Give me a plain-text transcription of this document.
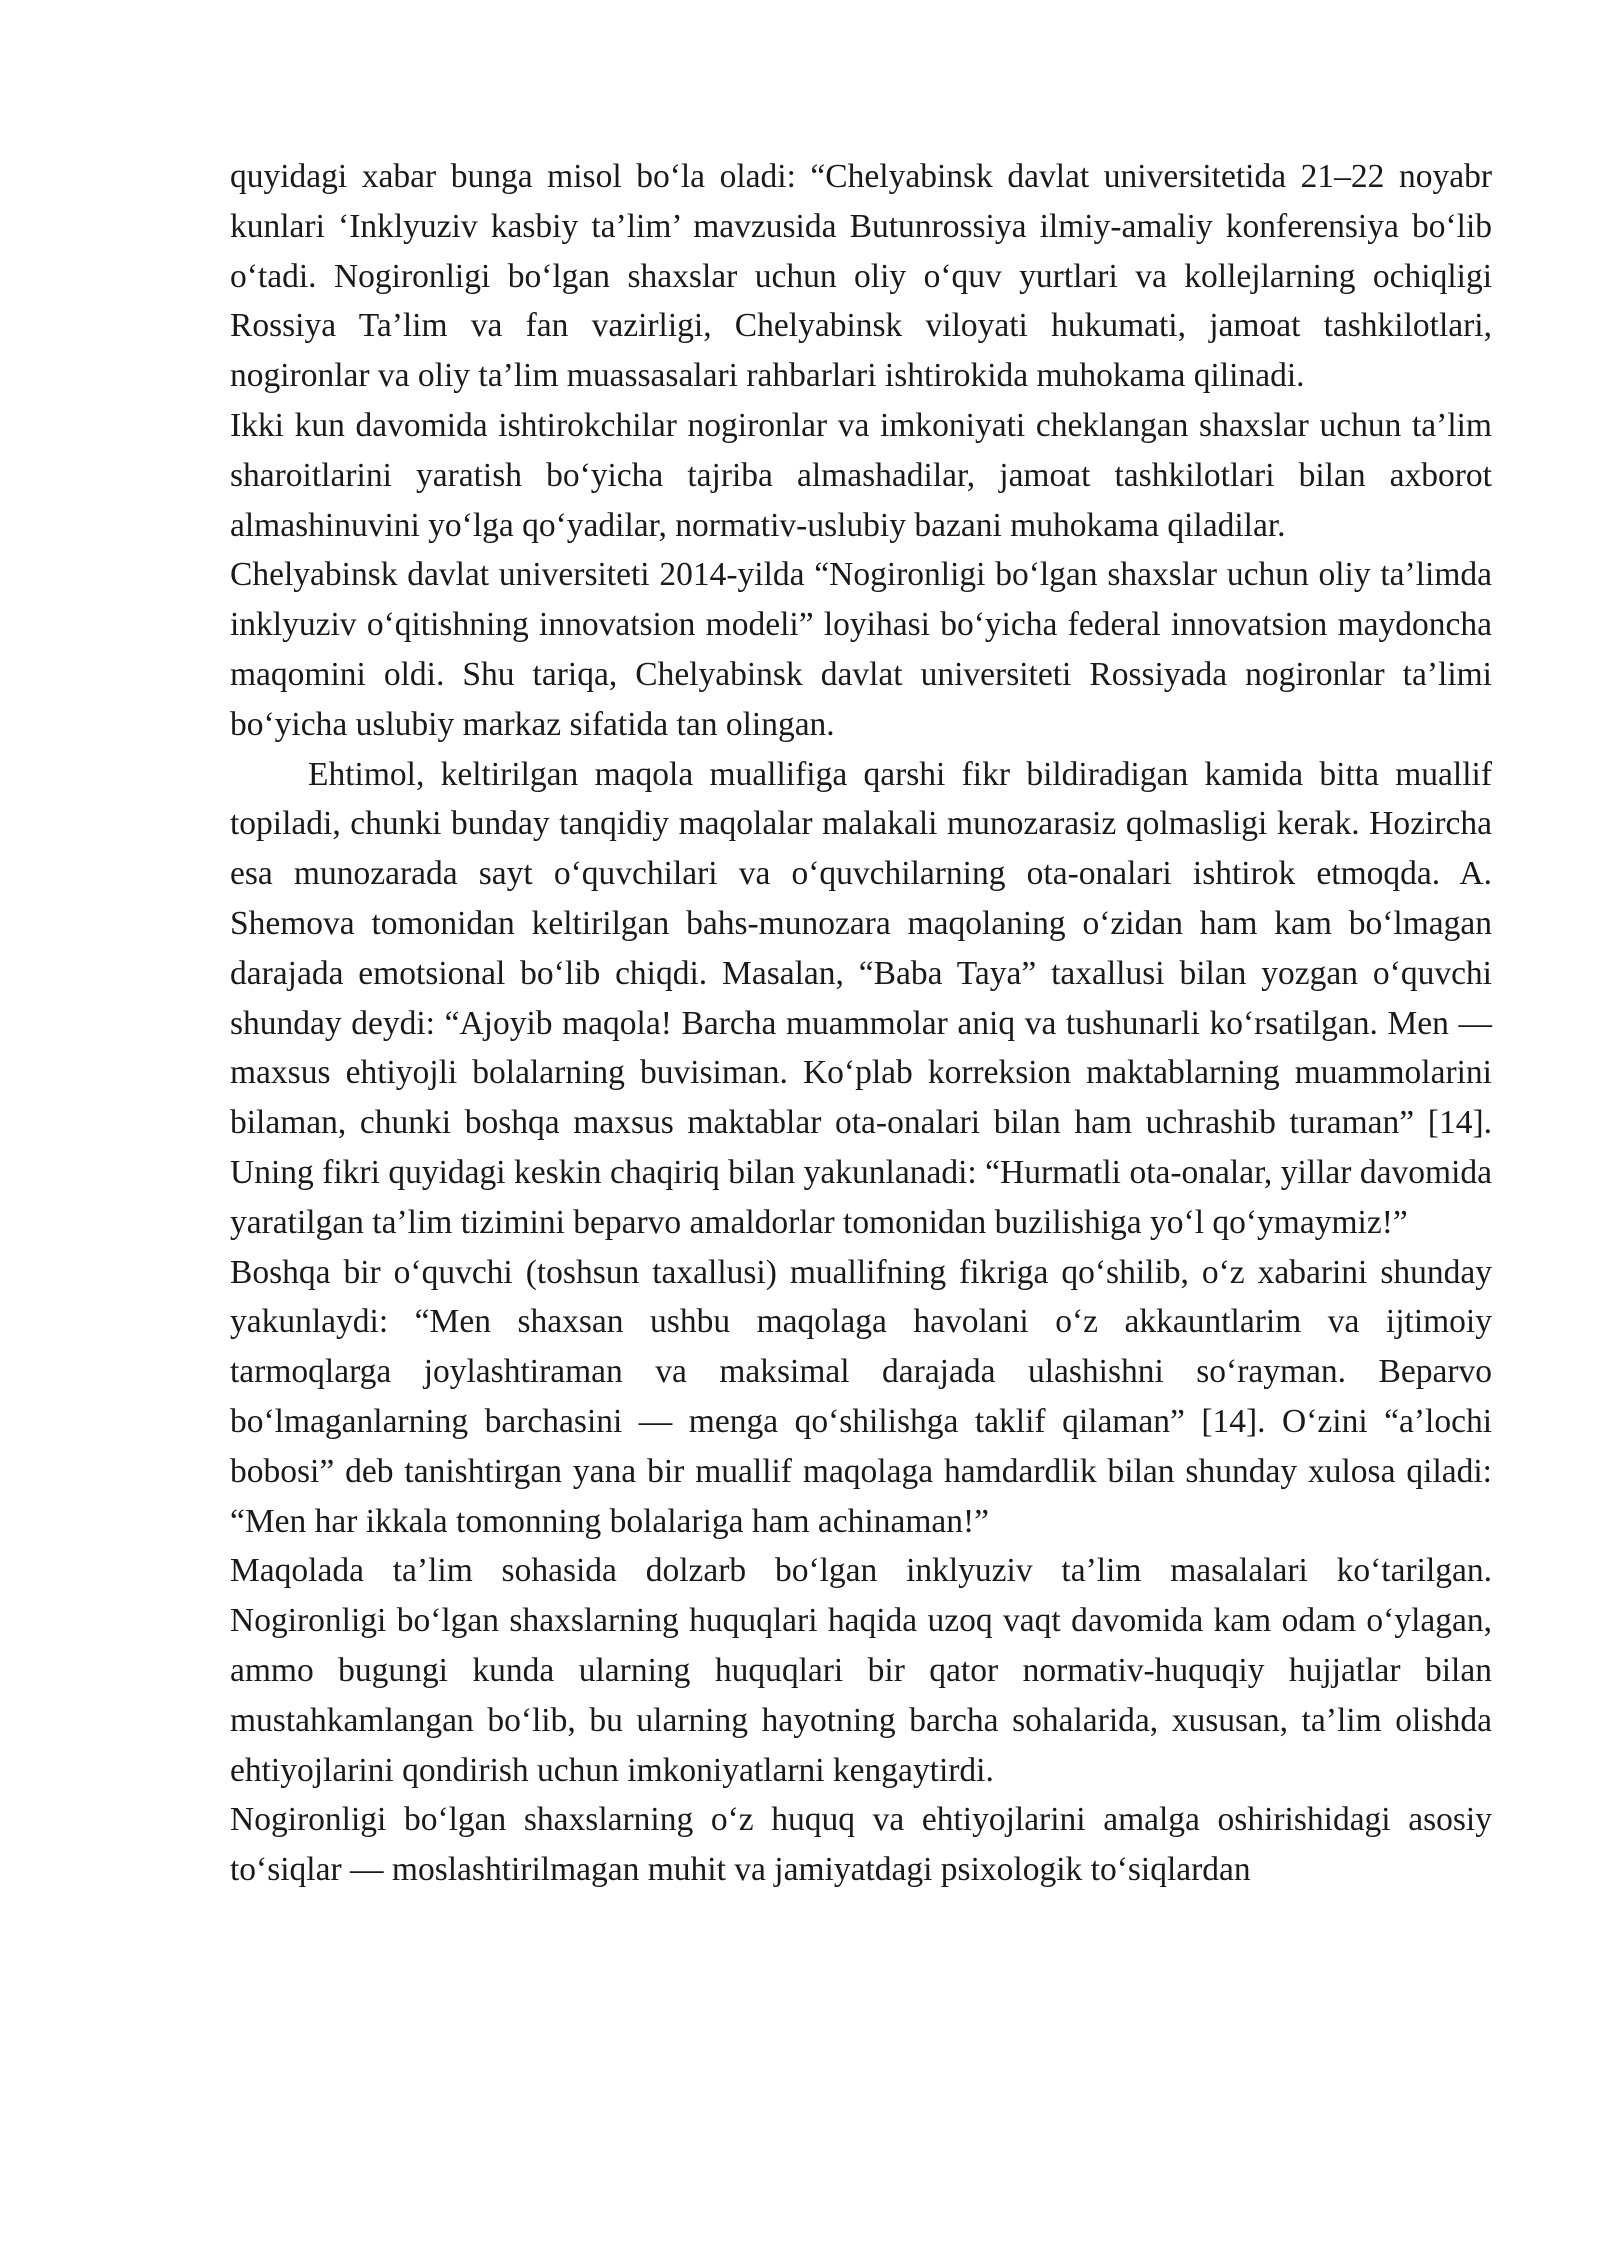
quyidagi xabar bunga misol bo‘la oladi: “Chelyabinsk davlat universitetida 21–22 noyabr kunlari ‘Inklyuziv kasbiy ta’lim’ mavzusida Butunrossiya ilmiy-amaliy konferensiya bo‘lib o‘tadi. Nogironligi bo‘lgan shaxslar uchun oliy o‘quv yurtlari va kollejlarning ochiqligi Rossiya Ta’lim va fan vazirligi, Chelyabinsk viloyati hukumati, jamoat tashkilotlari, nogironlar va oliy ta’lim muassasalari rahbarlari ishtirokida muhokama qilinadi.

Ikki kun davomida ishtirokchilar nogironlar va imkoniyati cheklangan shaxslar uchun ta’lim sharoitlarini yaratish bo‘yicha tajriba almashadilar, jamoat tashkilotlari bilan axborot almashinuvini yo‘lga qo‘yadilar, normativ-uslubiy bazani muhokama qiladilar.

Chelyabinsk davlat universiteti 2014-yilda “Nogironligi bo‘lgan shaxslar uchun oliy ta’limda inklyuziv o‘qitishning innovatsion modeli” loyihasi bo‘yicha federal innovatsion maydoncha maqomini oldi. Shu tariqa, Chelyabinsk davlat universiteti Rossiyada nogironlar ta’limi bo‘yicha uslubiy markaz sifatida tan olingan.

Ehtimol, keltirilgan maqola muallifiga qarshi fikr bildiradigan kamida bitta muallif topiladi, chunki bunday tanqidiy maqolalar malakali munozarasiz qolmasligi kerak. Hozircha esa munozarada sayt o‘quvchilari va o‘quvchilarning ota-onalari ishtirok etmoqda. A. Shemova tomonidan keltirilgan bahs-munozara maqolaning o‘zidan ham kam bo‘lmagan darajada emotsional bo‘lib chiqdi. Masalan, “Baba Taya” taxallusi bilan yozgan o‘quvchi shunday deydi: “Ajoyib maqola! Barcha muammolar aniq va tushunarli ko‘rsatilgan. Men — maxsus ehtiyojli bolalarning buvisiman. Ko‘plab korreksion maktablarning muammolarini bilaman, chunki boshqa maxsus maktablar ota-onalari bilan ham uchrashib turaman” [14]. Uning fikri quyidagi keskin chaqiriq bilan yakunlanadi: “Hurmatli ota-onalar, yillar davomida yaratilgan ta’lim tizimini beparvo amaldorlar tomonidan buzilishiga yo‘l qo‘ymaymiz!”

Boshqa bir o‘quvchi (toshsun taxallusi) muallifning fikriga qo‘shilib, o‘z xabarini shunday yakunlaydi: “Men shaxsan ushbu maqolaga havolani o‘z akkauntlarim va ijtimoiy tarmoqlarga joylashtiraman va maksimal darajada ulashishni so‘rayman. Beparvo bo‘lmaganlarning barchasini — menga qo‘shilishga taklif qilaman” [14]. O‘zini “a’lochi bobosi” deb tanishtirgan yana bir muallif maqolaga hamdardlik bilan shunday xulosa qiladi: “Men har ikkala tomonning bolalariga ham achinaman!”

Maqolada ta’lim sohasida dolzarb bo‘lgan inklyuziv ta’lim masalalari ko‘tarilgan. Nogironligi bo‘lgan shaxslarning huquqlari haqida uzoq vaqt davomida kam odam o‘ylagan, ammo bugungi kunda ularning huquqlari bir qator normativ-huquqiy hujjatlar bilan mustahkamlangan bo‘lib, bu ularning hayotning barcha sohalarida, xususan, ta’lim olishda ehtiyojlarini qondirish uchun imkoniyatlarni kengaytirdi.

Nogironligi bo‘lgan shaxslarning o‘z huquq va ehtiyojlarini amalga oshirishidagi asosiy to‘siqlar — moslashtirilmagan muhit va jamiyatdagi psixologik to‘siqlardan
